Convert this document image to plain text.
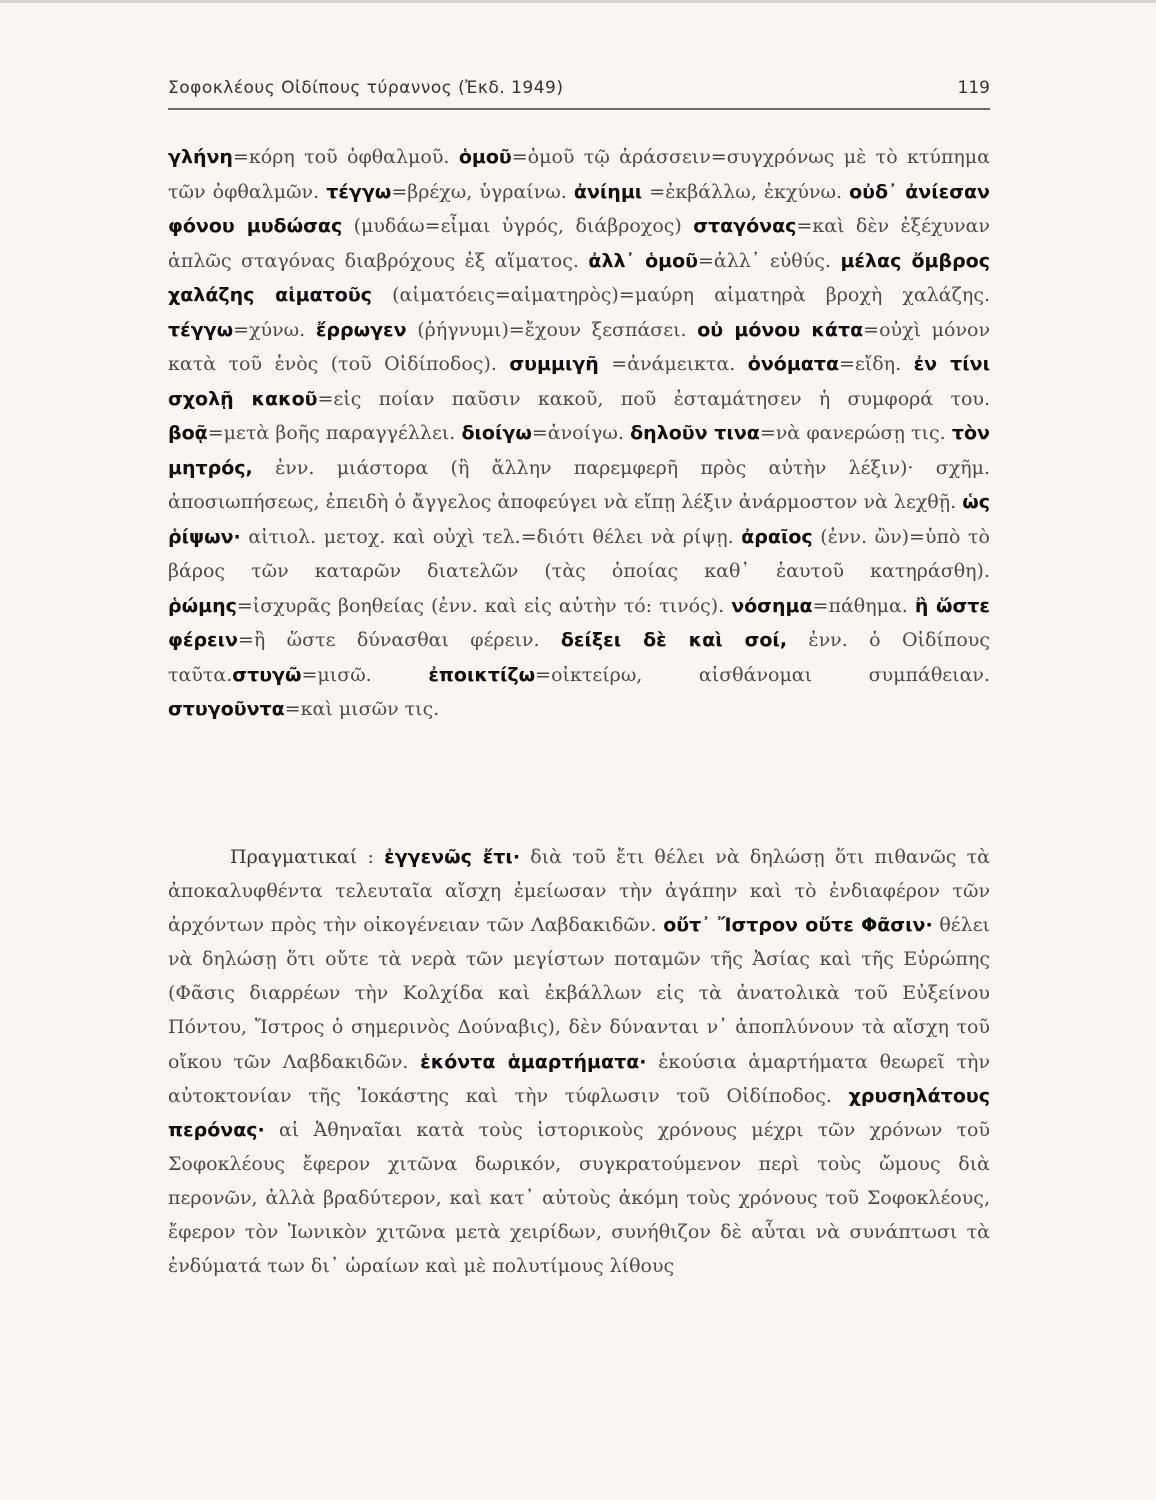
Σοφοκλέους Οἰδίπους τύραννος (Ἐκδ. 1949)	119

γλήνη=κόρη τοῦ ὀφθαλμοῦ. ὁμοῦ=ὁμοῦ τῷ ἀράσσειν=συγχρόνως μὲ τὸ κτύπημα τῶν ὀφθαλμῶν. τέγγω=βρέχω, ὑγραίνω. ἀνίημι =ἐκβάλλω, ἐκχύνω. οὐδ᾽ ἀνίεσαν φόνου μυδώσας (μυδάω=εἶμαι ὑγρός, διάβροχος) σταγόνας=καὶ δὲν ἐξέχυναν ἁπλῶς σταγόνας διαβρόχους ἐξ αἵματος. ἀλλ᾽ ὁμοῦ=ἀλλ᾽ εὐθύς. μέλας ὄμβρος χαλάζης αἱματοῦς (αἱματόεις=αἱματηρὸς)=μαύρη αἱματηρὰ βροχὴ χαλάζης. τέγγω=χύνω. ἔρρωγεν (ῥήγνυμι)=ἔχουν ξεσπάσει. οὐ μόνου κάτα=οὐχὶ μόνον κατὰ τοῦ ἑνὸς (τοῦ Οἰδίποδος). συμμιγῆ =ἀνάμεικτα. ὀνόματα=εἴδη. ἐν τίνι σχολῇ κακοῦ=εἰς ποίαν παῦσιν κακοῦ, ποῦ ἐσταμάτησεν ἡ συμφορά του. βοᾷ=μετὰ βοῆς παραγγέλλει. διοίγω=ἀνοίγω. δηλοῦν τινα=νὰ φανερώσῃ τις. τὸν μητρός, ἐνν. μιάστορα (ἢ ἄλλην παρεμφερῆ πρὸς αὐτὴν λέξιν)· σχῆμ. ἀποσιωπήσεως, ἐπειδὴ ὁ ἄγγελος ἀποφεύγει νὰ εἴπῃ λέξιν ἀνάρμοστον νὰ λεχθῇ. ὡς ῥίψων· αἰτιολ. μετοχ. καὶ οὐχὶ τελ.=διότι θέλει νὰ ρίψῃ. ἀραῖος (ἐνν. ὢν)=ὑπὸ τὸ βάρος τῶν καταρῶν διατελῶν (τὰς ὁποίας καθ᾽ ἑαυτοῦ κατηράσθη). ῥώμης=ἰσχυρᾶς βοηθείας (ἐνν. καὶ εἰς αὐτὴν τό: τινός). νόσημα=πάθημα. ἢ ὥστε φέρειν=ἢ ὥστε δύνασθαι φέρειν. δείξει δὲ καὶ σοί, ἐνν. ὁ Οἰδίπους ταῦτα.στυγῶ=μισῶ. ἐποικτίζω=οἰκτείρω, αἰσθάνομαι συμπάθειαν. στυγοῦντα=καὶ μισῶν τις.

Πραγματικαί : ἐγγενῶς ἔτι· διὰ τοῦ ἔτι θέλει νὰ δηλώσῃ ὅτι πιθανῶς τὰ ἀποκαλυφθέντα τελευταῖα αἴσχη ἐμείωσαν τὴν ἀγάπην καὶ τὸ ἐνδιαφέρον τῶν ἀρχόντων πρὸς τὴν οἰκογένειαν τῶν Λαβδακιδῶν. οὔτ᾽ Ἴστρον οὔτε Φᾶσιν· θέλει νὰ δηλώσῃ ὅτι οὔτε τὰ νερὰ τῶν μεγίστων ποταμῶν τῆς Ἀσίας καὶ τῆς Εὐρώπης (Φᾶσις διαρρέων τὴν Κολχίδα καὶ ἐκβάλλων εἰς τὰ ἀνατολικὰ τοῦ Εὐξείνου Πόντου, Ἴστρος ὁ σημερινὸς Δούναβις), δὲν δύνανται ν᾽ ἀποπλύνουν τὰ αἴσχη τοῦ οἴκου τῶν Λαβδακιδῶν. ἑκόντα ἁμαρτήματα· ἑκούσια ἁμαρτήματα θεωρεῖ τὴν αὐτοκτονίαν τῆς Ἰοκάστης καὶ τὴν τύφλωσιν τοῦ Οἰδίποδος. χρυσηλάτους περόνας· αἱ Ἀθηναῖαι κατὰ τοὺς ἱστορικοὺς χρόνους μέχρι τῶν χρόνων τοῦ Σοφοκλέους ἔφερον χιτῶνα δωρικόν, συγκρατούμενον περὶ τοὺς ὤμους διὰ περονῶν, ἀλλὰ βραδύτερον, καὶ κατ᾽ αὐτοὺς ἀκόμη τοὺς χρόνους τοῦ Σοφοκλέους, ἔφερον τὸν Ἰωνικὸν χιτῶνα μετὰ χειρίδων, συνήθιζον δὲ αὗται νὰ συνάπτωσι τὰ ἐνδύματά των δι᾽ ὡραίων καὶ μὲ πολυτίμους λίθους
